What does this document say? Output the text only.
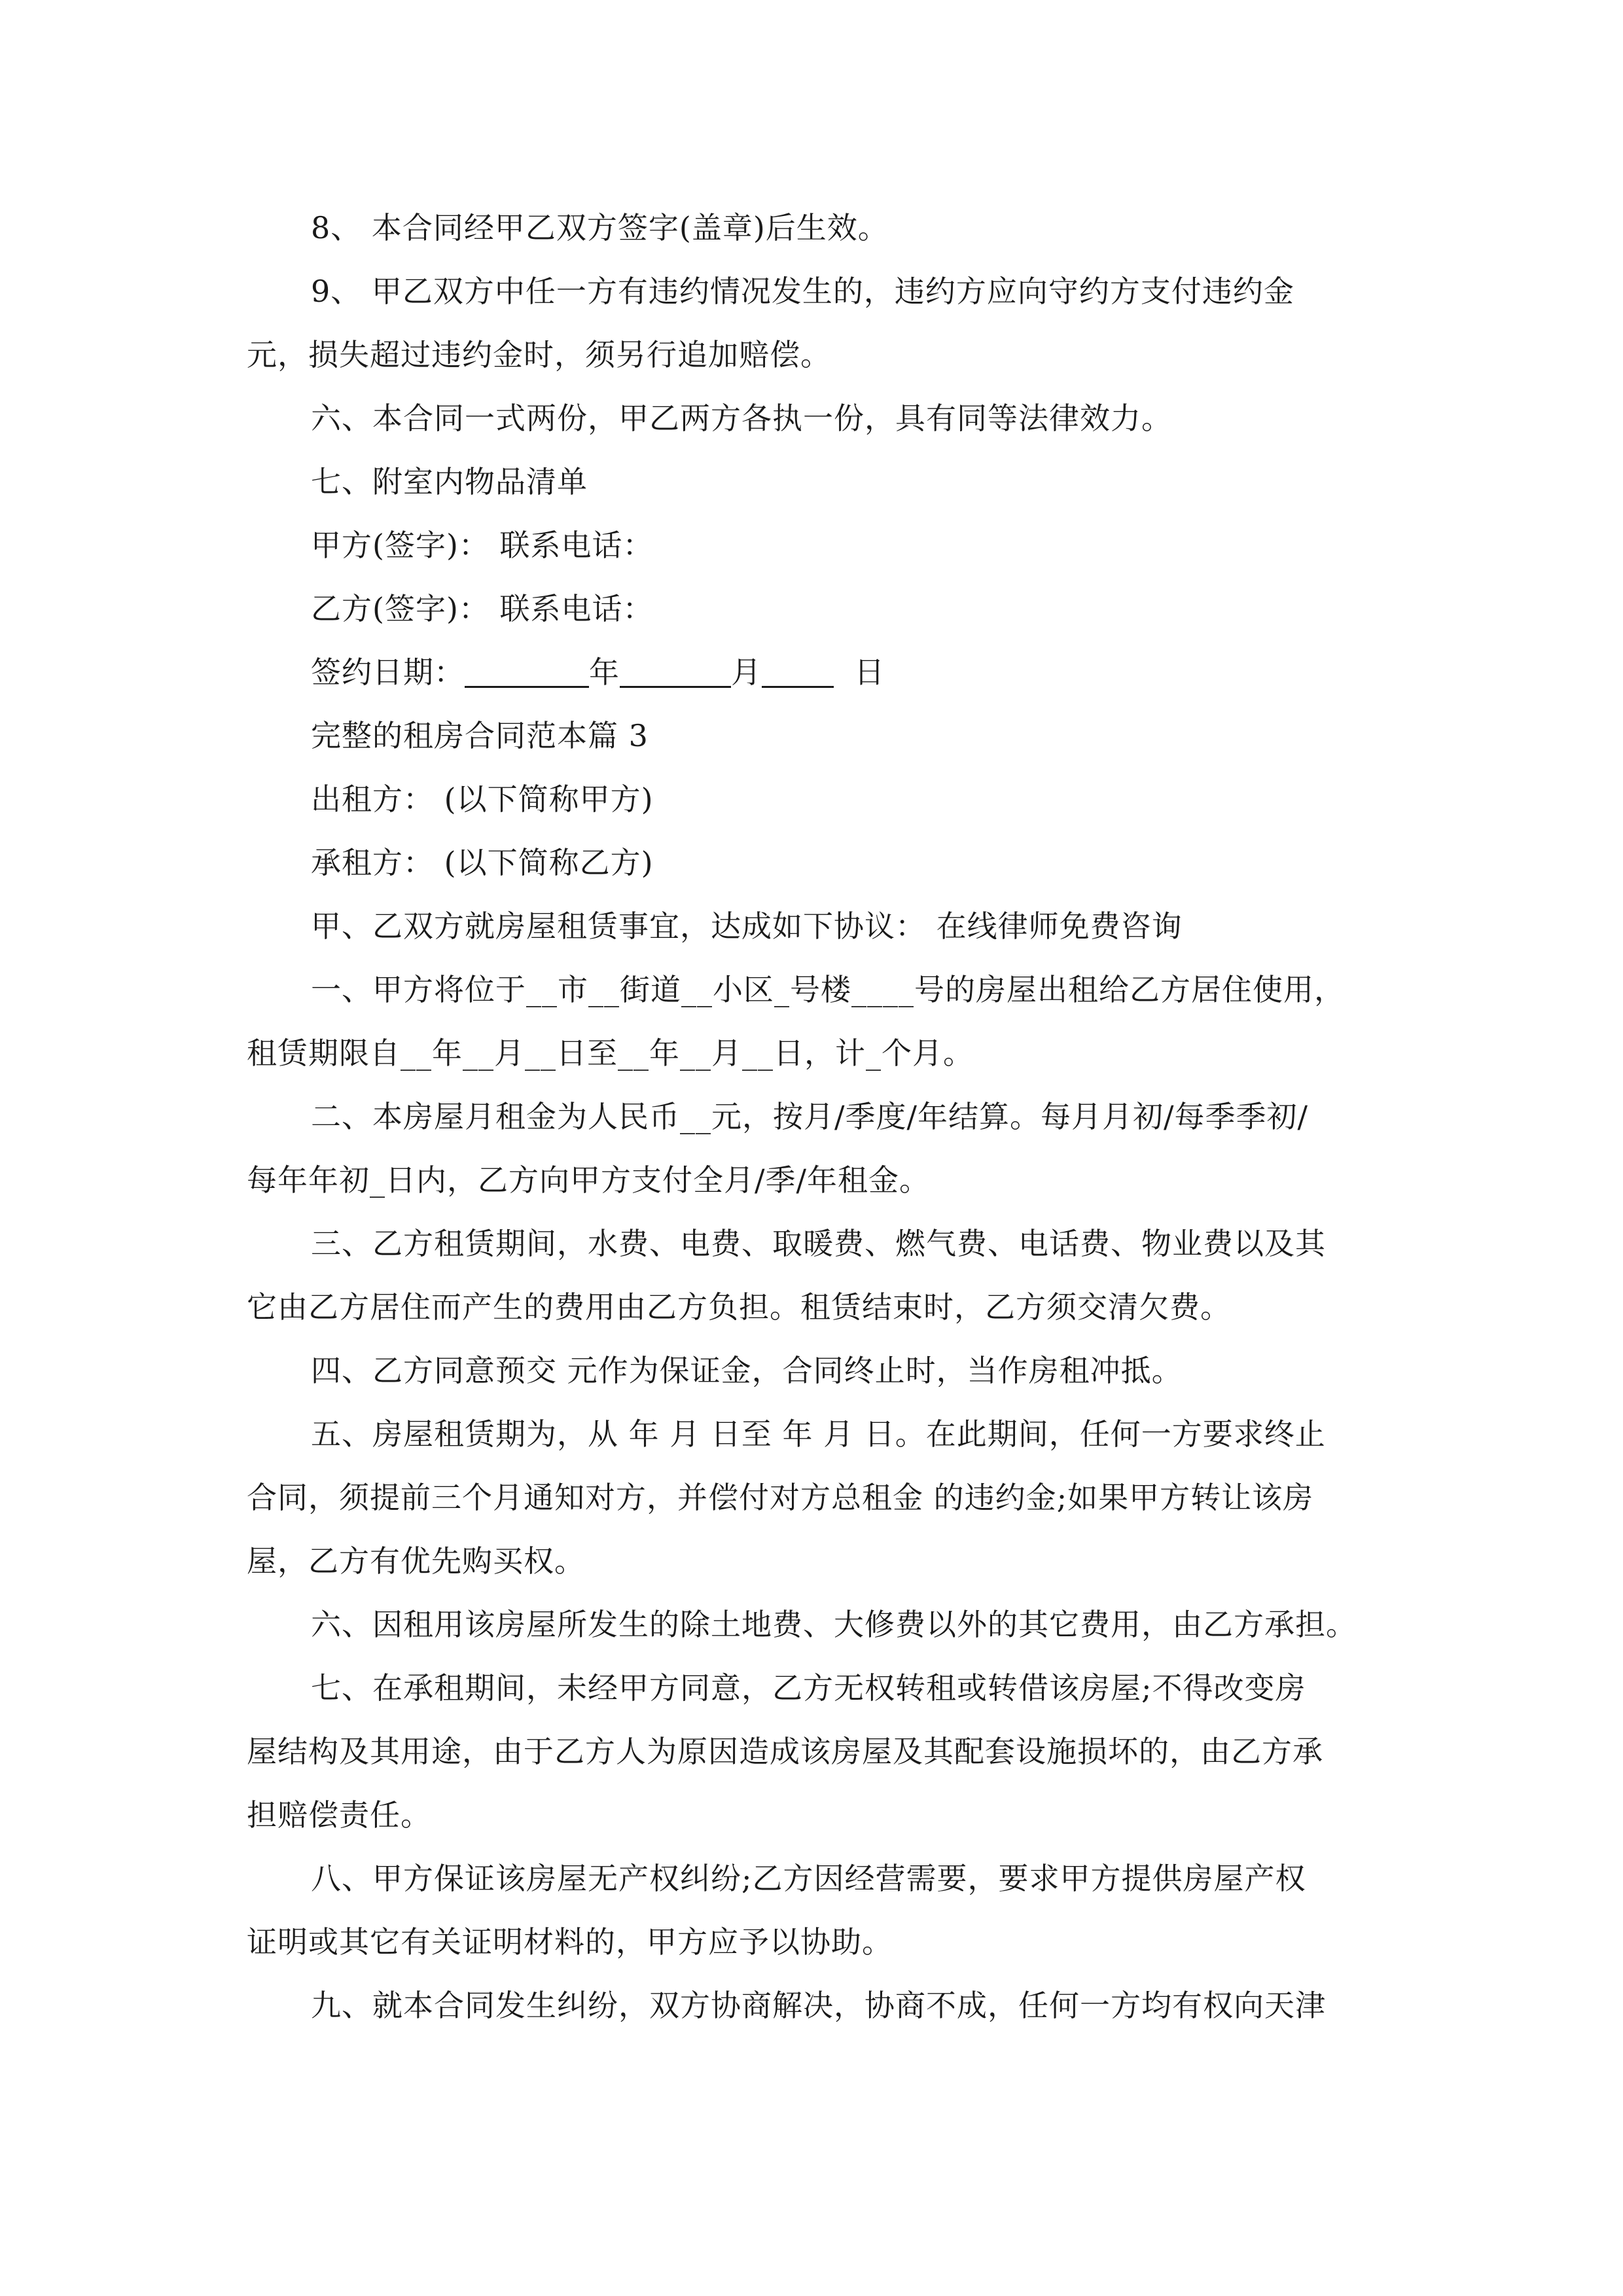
8、 本合同经甲乙双方签字(盖章)后生效。

9、 甲乙双方中任一方有违约情况发生的，违约方应向守约方支付违约金
元，损失超过违约金时，须另行追加赔偿。

六、本合同一式两份，甲乙两方各执一份，具有同等法律效力。

七、附室内物品清单

甲方(签字)： 联系电话：

乙方(签字)： 联系电话：

签约日期：	年	月	日

完整的租房合同范本篇 3

出租方： (以下简称甲方)

承租方： (以下简称乙方)

甲、乙双方就房屋租赁事宜，达成如下协议： 在线律师免费咨询

一、甲方将位于__市__街道__小区_号楼____号的房屋出租给乙方居住使用，
租赁期限自__年__月__日至__年__月__日，计_个月。

二、本房屋月租金为人民币__元，按月/季度/年结算。每月月初/每季季初/
每年年初_日内，乙方向甲方支付全月/季/年租金。

三、乙方租赁期间，水费、电费、取暖费、燃气费、电话费、物业费以及其
它由乙方居住而产生的费用由乙方负担。租赁结束时，乙方须交清欠费。

四、乙方同意预交 元作为保证金，合同终止时，当作房租冲抵。

五、房屋租赁期为，从 年 月 日至 年 月 日。在此期间，任何一方要求终止
合同，须提前三个月通知对方，并偿付对方总租金 的违约金;如果甲方转让该房
屋，乙方有优先购买权。

六、因租用该房屋所发生的除土地费、大修费以外的其它费用，由乙方承担。

七、在承租期间，未经甲方同意，乙方无权转租或转借该房屋;不得改变房
屋结构及其用途，由于乙方人为原因造成该房屋及其配套设施损坏的，由乙方承
担赔偿责任。

八、甲方保证该房屋无产权纠纷;乙方因经营需要，要求甲方提供房屋产权
证明或其它有关证明材料的，甲方应予以协助。

九、就本合同发生纠纷，双方协商解决，协商不成，任何一方均有权向天津
